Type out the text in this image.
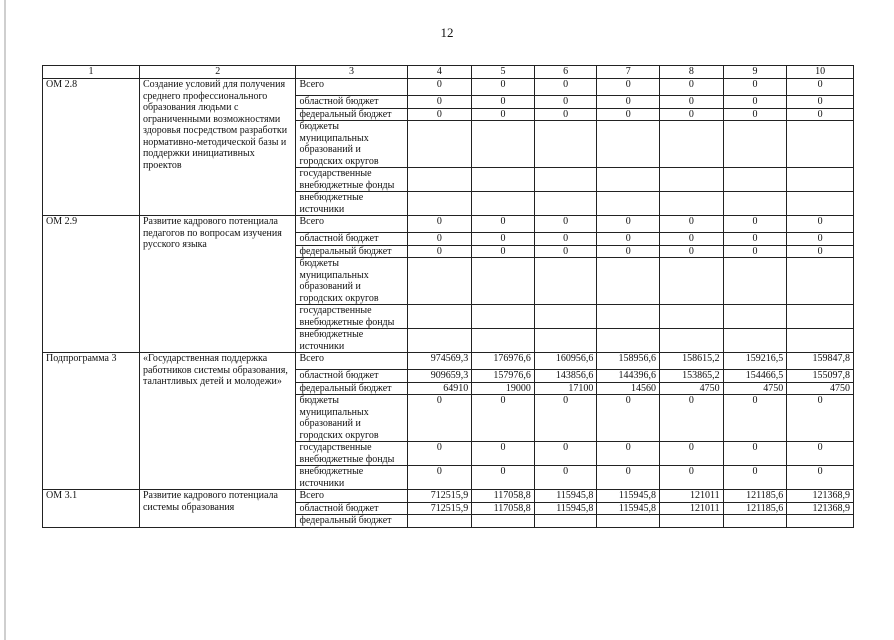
12
1	2	3	4	5	6	7	8	9	10
ОМ 2.8	Создание условий для получения среднего профессионального образования людьми с ограниченными возможностями здоровья посредством разработки нормативно-методической базы и поддержки инициативных проектов	Всего	0	0	0	0	0	0	0
		областной бюджет	0	0	0	0	0	0	0
		федеральный бюджет	0	0	0	0	0	0	0
		бюджеты муниципальных образований и городских округов							
		государственные внебюджетные фонды							
		внебюджетные источники							
ОМ 2.9	Развитие кадрового потенциала педагогов по вопросам изучения русского языка	Всего	0	0	0	0	0	0	0
		областной бюджет	0	0	0	0	0	0	0
		федеральный бюджет	0	0	0	0	0	0	0
		бюджеты муниципальных образований и городских округов							
		государственные внебюджетные фонды							
		внебюджетные источники							
Подпрограмма 3	«Государственная поддержка работников системы образования, талантливых детей и молодежи»	Всего	974569,3	176976,6	160956,6	158956,6	158615,2	159216,5	159847,8
		областной бюджет	909659,3	157976,6	143856,6	144396,6	153865,2	154466,5	155097,8
		федеральный бюджет	64910	19000	17100	14560	4750	4750	4750
		бюджеты муниципальных образований и городских округов	0	0	0	0	0	0	0
		государственные внебюджетные фонды	0	0	0	0	0	0	0
		внебюджетные источники	0	0	0	0	0	0	0
ОМ 3.1	Развитие кадрового потенциала системы образования	Всего	712515,9	117058,8	115945,8	115945,8	121011	121185,6	121368,9
		областной бюджет	712515,9	117058,8	115945,8	115945,8	121011	121185,6	121368,9
		федеральный бюджет							
